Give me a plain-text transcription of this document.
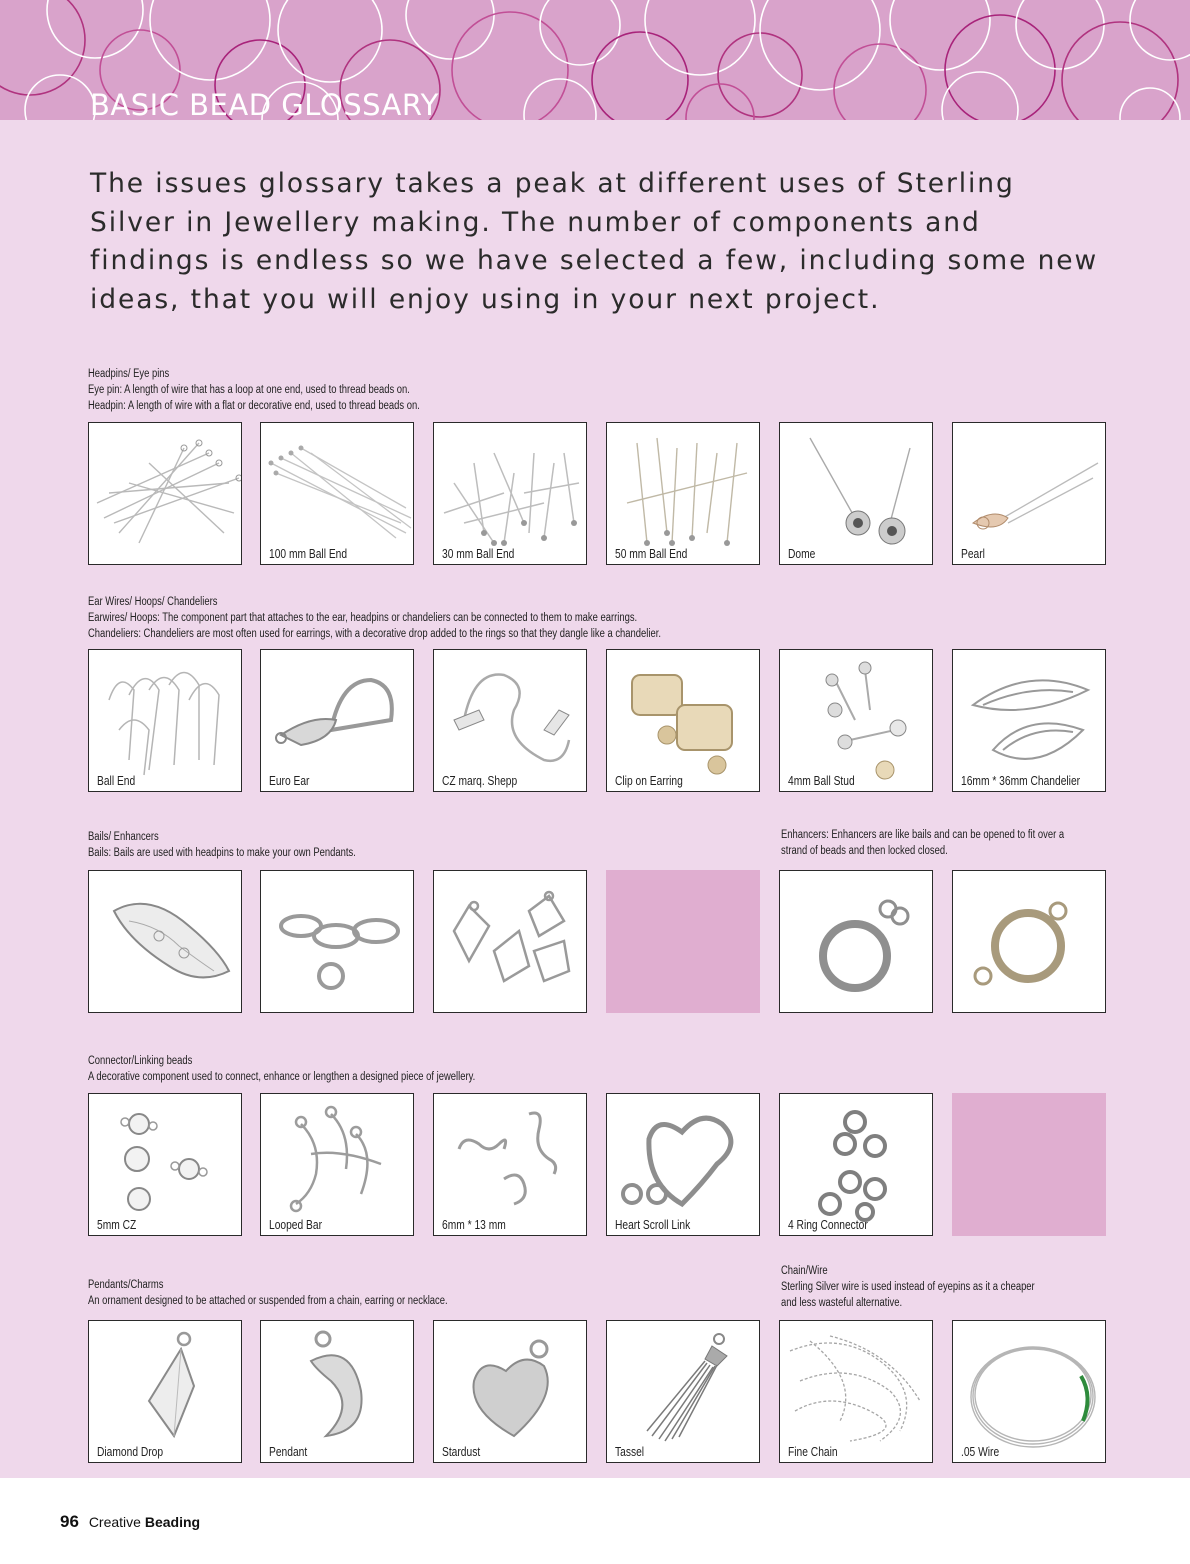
BASIC BEAD GLOSSARY

The issues glossary takes a peak at different uses of Sterling Silver in Jewellery making. The number of components and findings is endless so we have selected a few, including some new ideas, that you will enjoy using in your next project.

Headpins/ Eye pins
Eye pin: A length of wire that has a loop at one end, used to thread beads on.
Headpin: A length of wire with a flat or decorative end, used to thread beads on.
Ear Wires/ Hoops/ Chandeliers
Earwires/ Hoops: The component part that attaches to the ear, headpins or chandeliers can be connected to them to make earrings.
Chandeliers: Chandeliers are most often used for earrings, with a decorative drop added to the rings so that they dangle like a chandelier.
Bails/ Enhancers
Bails: Bails are used with headpins to make your own Pendants.
Enhancers: Enhancers are like bails and can be opened to fit over a
strand of beads and then locked closed.
Connector/Linking beads
A decorative component used to connect, enhance or lengthen a designed piece of jewellery.
Pendants/Charms
An ornament designed to be attached or suspended from a chain, earring or necklace.
Chain/Wire
Sterling Silver wire is used instead of eyepins as it a cheaper
and less wasteful alternative.
100 mm Ball End	30 mm Ball End	50 mm Ball End	Dome	Pearl
Ball End	Euro Ear	CZ marq. Shepp	Clip on Earring	4mm Ball Stud	16mm * 36mm Chandelier
5mm CZ	Looped Bar	6mm * 13 mm	Heart Scroll Link	4 Ring Connector
Diamond Drop	Pendant	Stardust	Tassel	Fine Chain	.05 Wire
96 Creative Beading
